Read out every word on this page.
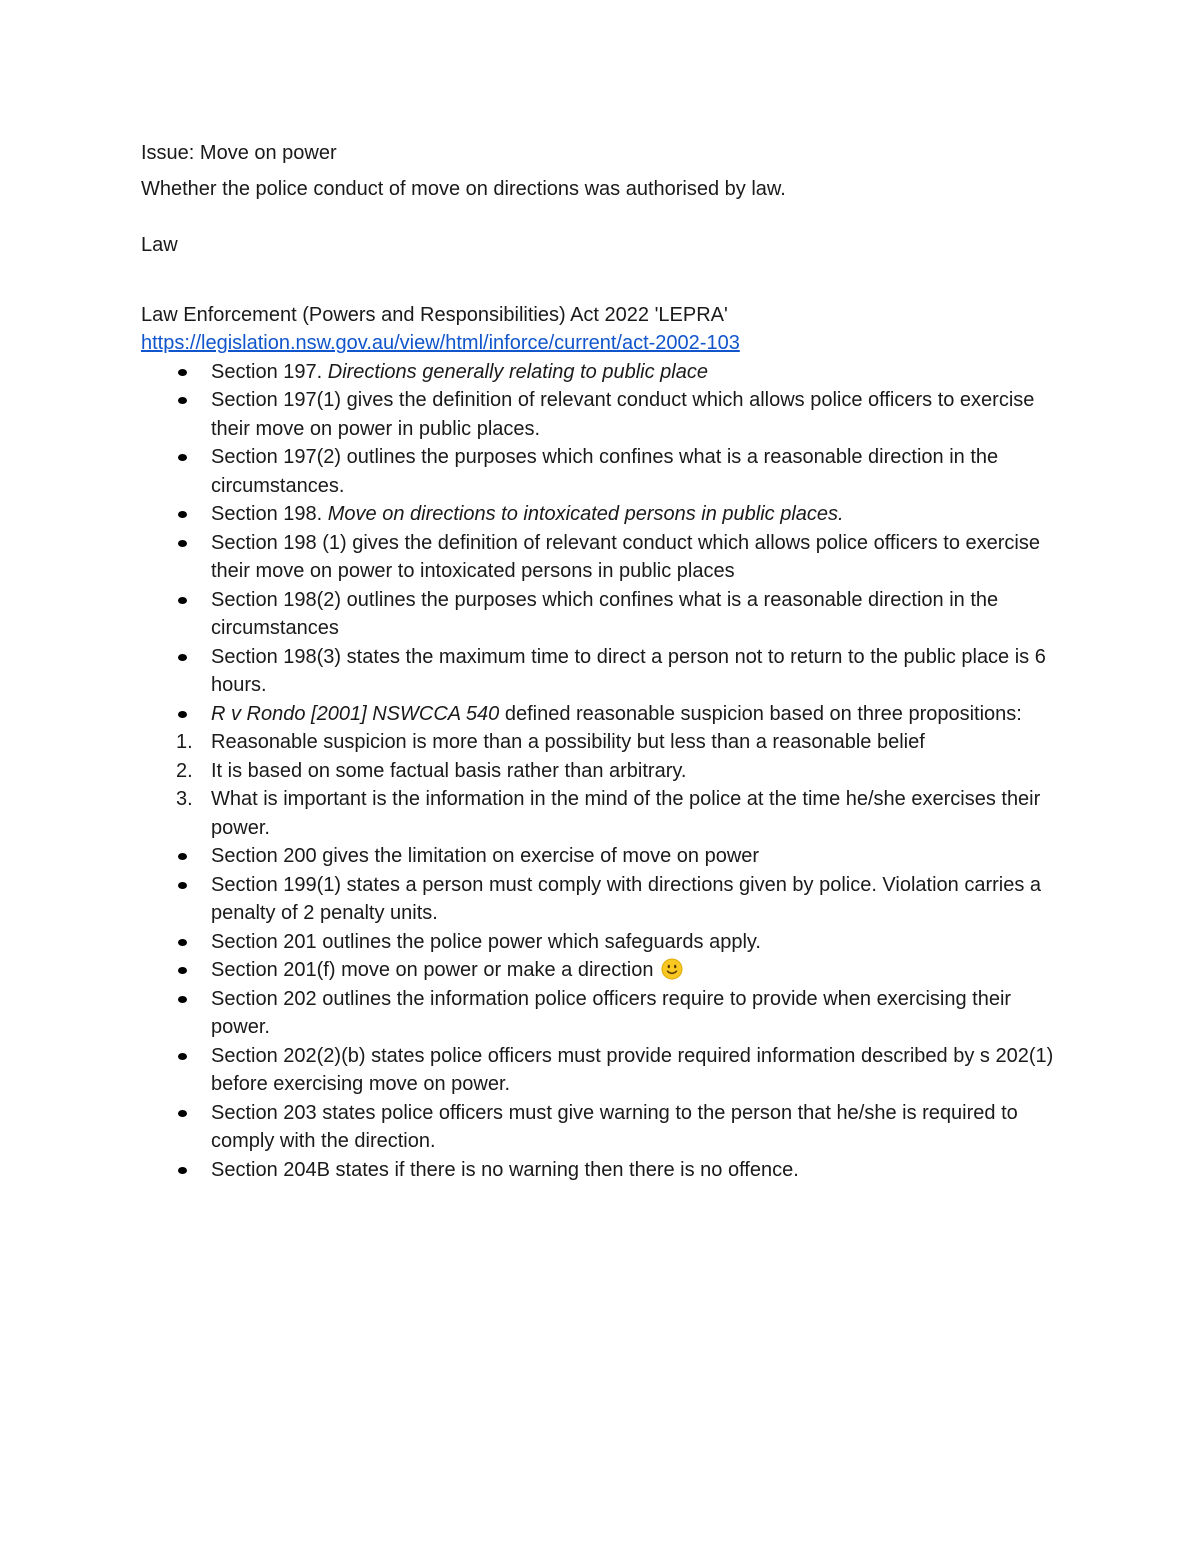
Issue: Move on power

Whether the police conduct of move on directions was authorised by law.

Law

Law Enforcement (Powers and Responsibilities) Act 2022 'LEPRA'

https://legislation.nsw.gov.au/view/html/inforce/current/act-2002-103

Section 197. Directions generally relating to public place
Section 197(1) gives the definition of relevant conduct which allows police officers to exercise their move on power in public places.
Section 197(2) outlines the purposes which confines what is a reasonable direction in the circumstances.
Section 198. Move on directions to intoxicated persons in public places.
Section 198 (1) gives the definition of relevant conduct which allows police officers to exercise their move on power to intoxicated persons in public places
Section 198(2) outlines the purposes which confines what is a reasonable direction in the circumstances
Section 198(3) states the maximum time to direct a person not to return to the public place is 6 hours.
R v Rondo [2001] NSWCCA 540 defined reasonable suspicion based on three propositions:
1. Reasonable suspicion is more than a possibility but less than a reasonable belief
2. It is based on some factual basis rather than arbitrary.
3. What is important is the information in the mind of the police at the time he/she exercises their power.
Section 200 gives the limitation on exercise of move on power
Section 199(1) states a person must comply with directions given by police. Violation carries a penalty of 2 penalty units.
Section 201 outlines the police power which safeguards apply.
Section 201(f) move on power or make a direction
Section 202 outlines the information police officers require to provide when exercising their power.
Section 202(2)(b) states police officers must provide required information described by s 202(1) before exercising move on power.
Section 203 states police officers must give warning to the person that he/she is required to comply with the direction.
Section 204B states if there is no warning then there is no offence.
